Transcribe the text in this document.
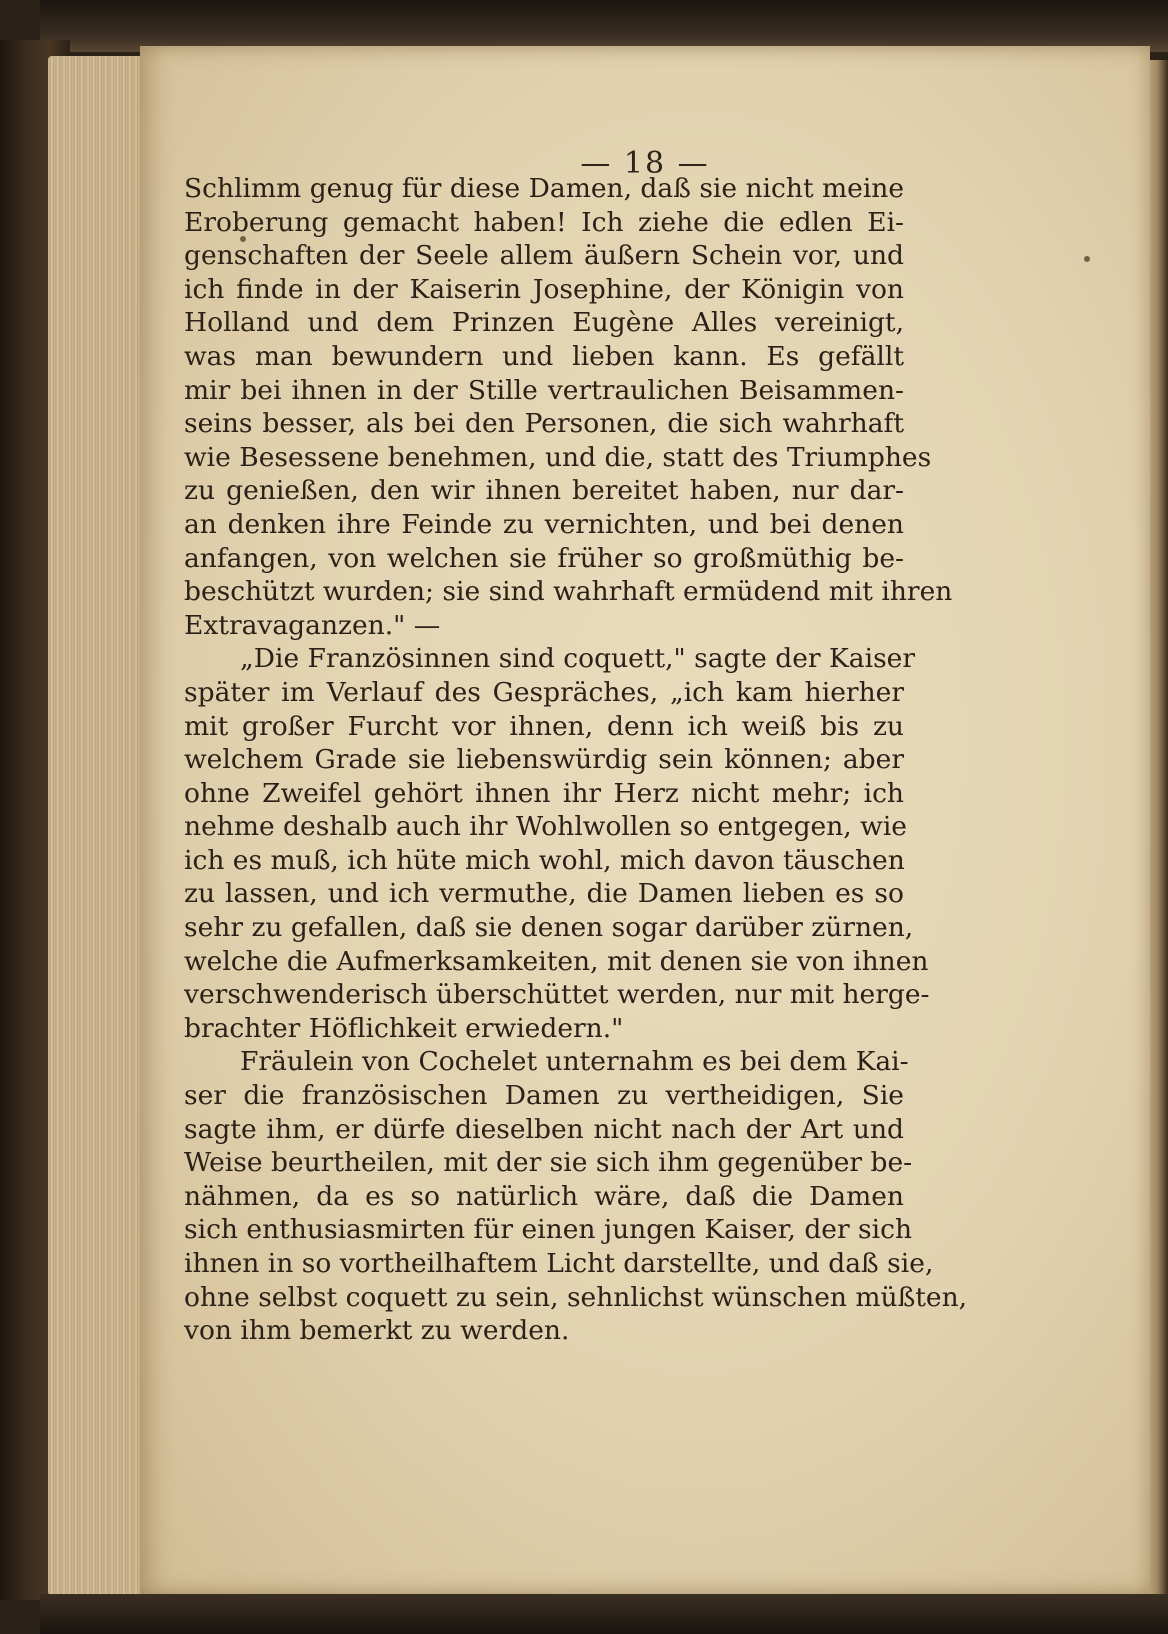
— 18 —
Schlimm genug für diese Damen, daß sie nicht meine
Eroberung gemacht haben! Ich ziehe die edlen Ei-
genschaften der Seele allem äußern Schein vor, und
ich finde in der Kaiserin Josephine, der Königin von
Holland und dem Prinzen Eugène Alles vereinigt,
was man bewundern und lieben kann. Es gefällt
mir bei ihnen in der Stille vertraulichen Beisammen-
seins besser, als bei den Personen, die sich wahrhaft
wie Besessene benehmen, und die, statt des Triumphes
zu genießen, den wir ihnen bereitet haben, nur dar-
an denken ihre Feinde zu vernichten, und bei denen
anfangen, von welchen sie früher so großmüthig be-
beschützt wurden; sie sind wahrhaft ermüdend mit ihren
Extravaganzen." —
„Die Französinnen sind coquett," sagte der Kaiser
später im Verlauf des Gespräches, „ich kam hierher
mit großer Furcht vor ihnen, denn ich weiß bis zu
welchem Grade sie liebenswürdig sein können; aber
ohne Zweifel gehört ihnen ihr Herz nicht mehr; ich
nehme deshalb auch ihr Wohlwollen so entgegen, wie
ich es muß, ich hüte mich wohl, mich davon täuschen
zu lassen, und ich vermuthe, die Damen lieben es so
sehr zu gefallen, daß sie denen sogar darüber zürnen,
welche die Aufmerksamkeiten, mit denen sie von ihnen
verschwenderisch überschüttet werden, nur mit herge-
brachter Höflichkeit erwiedern."
Fräulein von Cochelet unternahm es bei dem Kai-
ser die französischen Damen zu vertheidigen, Sie
sagte ihm, er dürfe dieselben nicht nach der Art und
Weise beurtheilen, mit der sie sich ihm gegenüber be-
nähmen, da es so natürlich wäre, daß die Damen
sich enthusiasmirten für einen jungen Kaiser, der sich
ihnen in so vortheilhaftem Licht darstellte, und daß sie,
ohne selbst coquett zu sein, sehnlichst wünschen müßten,
von ihm bemerkt zu werden.
